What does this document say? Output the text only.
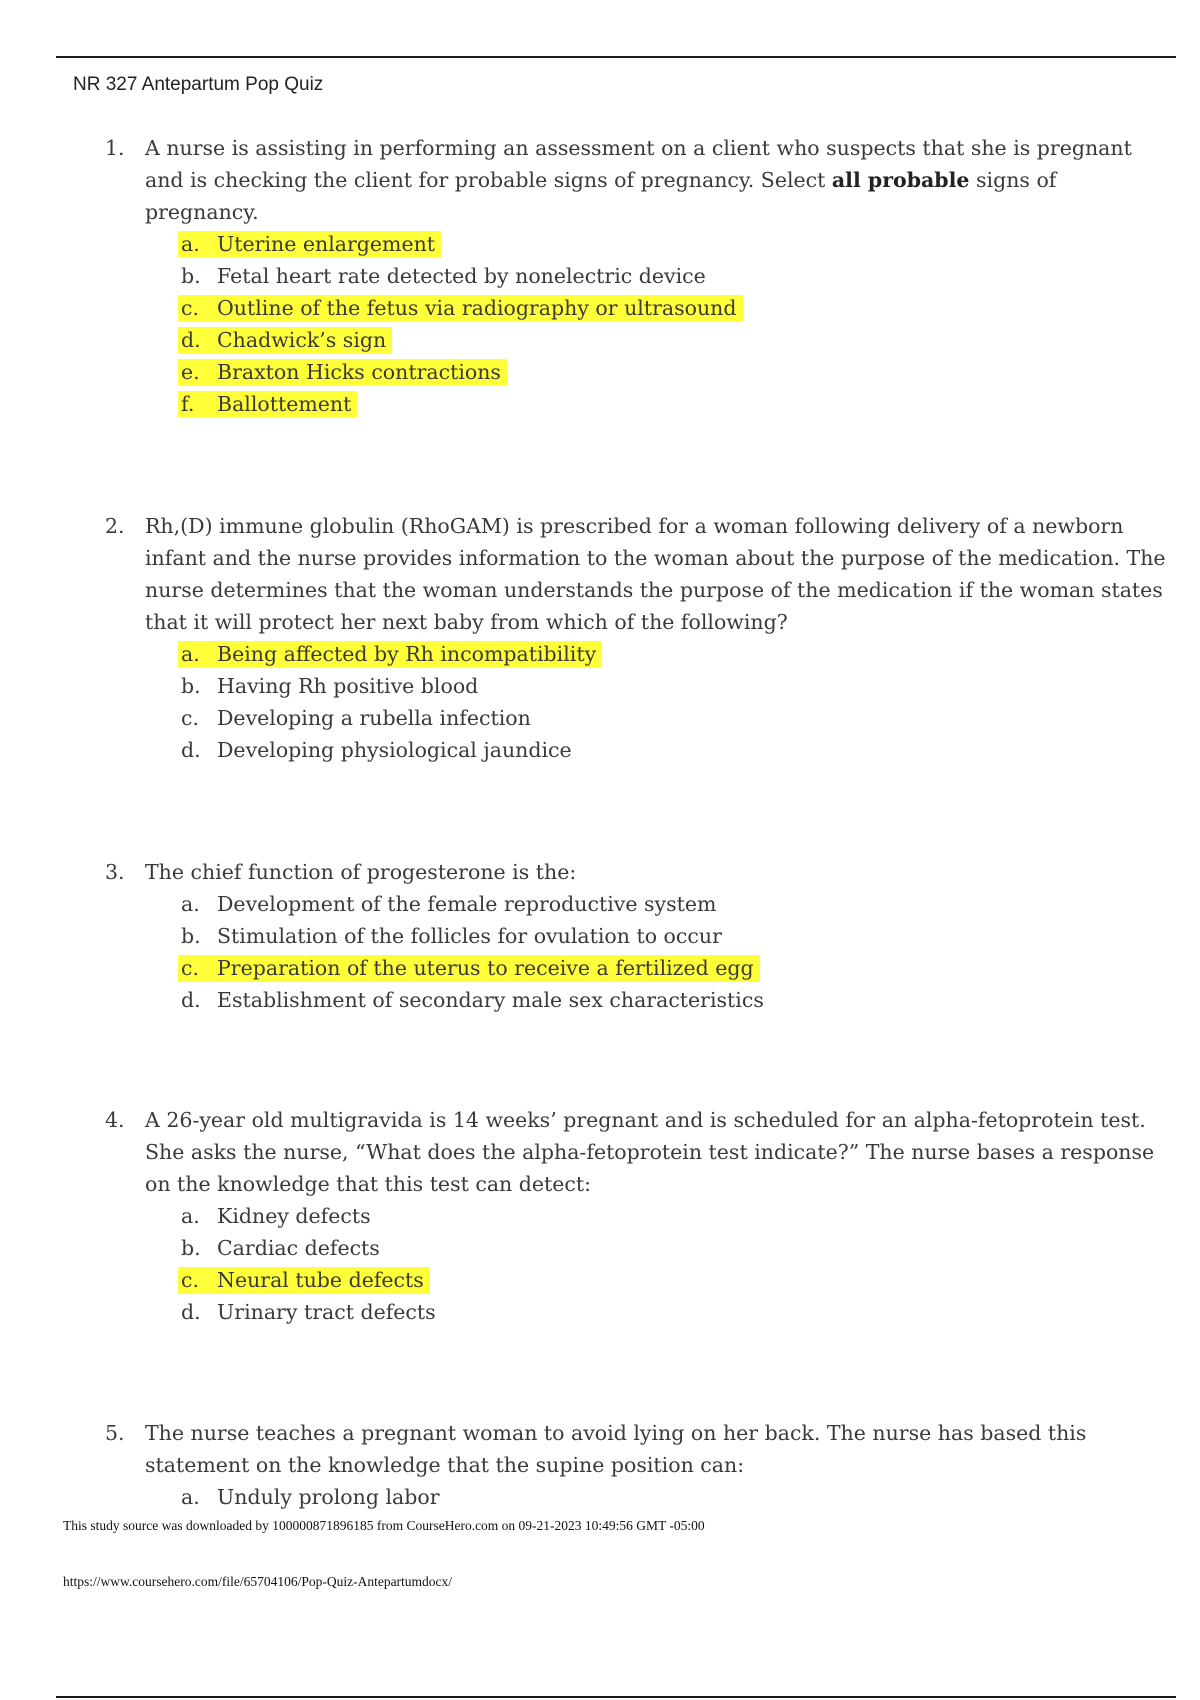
NR 327 Antepartum Pop Quiz
1. A nurse is assisting in performing an assessment on a client who suspects that she is pregnant and is checking the client for probable signs of pregnancy. Select all probable signs of pregnancy.
a. Uterine enlargement
b. Fetal heart rate detected by nonelectric device
c. Outline of the fetus via radiography or ultrasound
d. Chadwick’s sign
e. Braxton Hicks contractions
f. Ballottement
2. Rh,(D) immune globulin (RhoGAM) is prescribed for a woman following delivery of a newborn infant and the nurse provides information to the woman about the purpose of the medication. The nurse determines that the woman understands the purpose of the medication if the woman states that it will protect her next baby from which of the following?
a. Being affected by Rh incompatibility
b. Having Rh positive blood
c. Developing a rubella infection
d. Developing physiological jaundice
3. The chief function of progesterone is the:
a. Development of the female reproductive system
b. Stimulation of the follicles for ovulation to occur
c. Preparation of the uterus to receive a fertilized egg
d. Establishment of secondary male sex characteristics
4. A 26-year old multigravida is 14 weeks’ pregnant and is scheduled for an alpha-fetoprotein test. She asks the nurse, “What does the alpha-fetoprotein test indicate?” The nurse bases a response on the knowledge that this test can detect:
a. Kidney defects
b. Cardiac defects
c. Neural tube defects
d. Urinary tract defects
5. The nurse teaches a pregnant woman to avoid lying on her back. The nurse has based this statement on the knowledge that the supine position can:
a. Unduly prolong labor
This study source was downloaded by 100000871896185 from CourseHero.com on 09-21-2023 10:49:56 GMT -05:00
https://www.coursehero.com/file/65704106/Pop-Quiz-Antepartumdocx/
